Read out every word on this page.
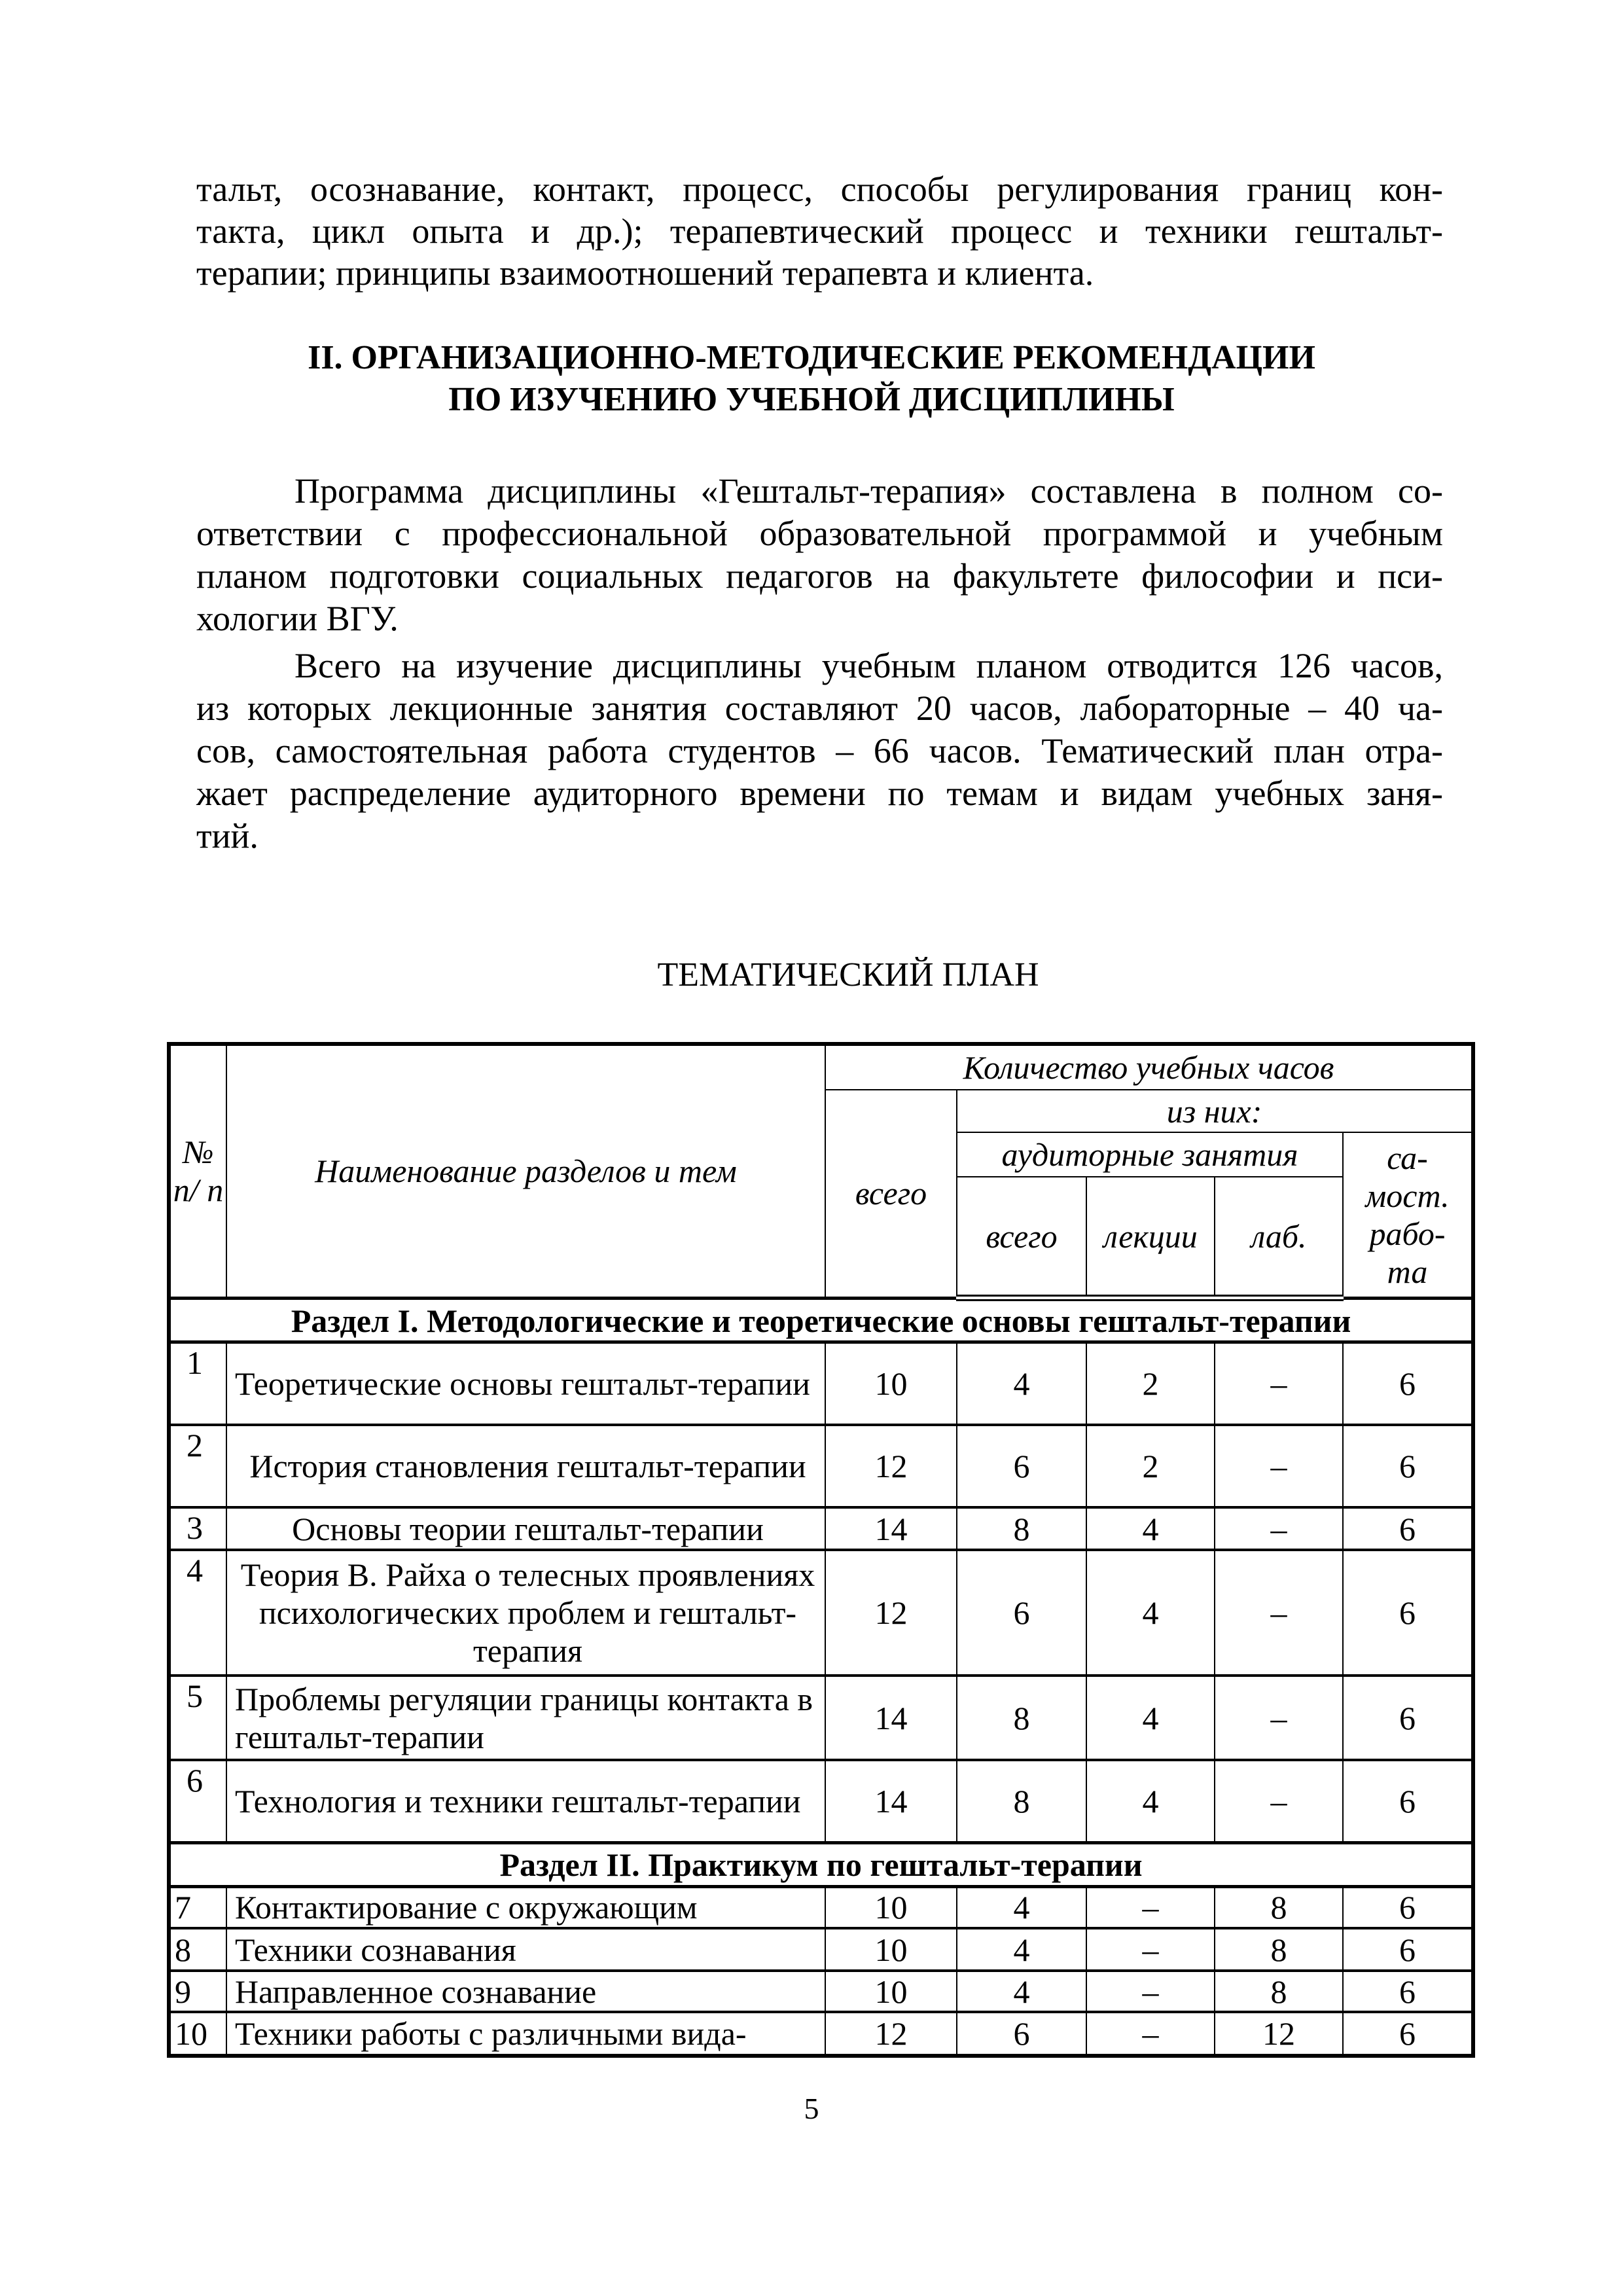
тальт, осознавание, контакт, процесс, способы регулирования границ кон-
такта, цикл опыта и др.); терапевтический процесс и техники гештальт-
терапии; принципы взаимоотношений терапевта и клиента.
II. ОРГАНИЗАЦИОННО-МЕТОДИЧЕСКИЕ РЕКОМЕНДАЦИИ
ПО ИЗУЧЕНИЮ УЧЕБНОЙ ДИСЦИПЛИНЫ
Программа дисциплины «Гештальт-терапия» составлена в полном со-
ответствии с профессиональной образовательной программой и учебным
планом подготовки социальных педагогов на факультете философии и пси-
хологии ВГУ.
Всего на изучение дисциплины учебным планом отводится 126 часов,
из которых лекционные занятия составляют 20 часов, лабораторные – 40 ча-
сов, самостоятельная работа студентов – 66 часов. Тематический план отра-
жает распределение аудиторного времени по темам и видам учебных заня-
тий.
ТЕМАТИЧЕСКИЙ ПЛАН
№ п/ п	Наименование разделов и тем	Количество учебных часов				
		всего	из них:			
			аудиторные занятия			са- мост. рабо- та
			всего	лекции	лаб.	
Раздел I. Методологические и теоретические основы гештальт-терапии						
1	Теоретические основы гештальт-терапии	10	4	2	–	6
2	История становления гештальт-терапии	12	6	2	–	6
3	Основы теории гештальт-терапии	14	8	4	–	6
4	Теория В. Райха о телесных проявлениях психологических проблем и гештальт-терапия	12	6	4	–	6
5	Проблемы регуляции границы контакта в гештальт-терапии	14	8	4	–	6
6	Технология и техники гештальт-терапии	14	8	4	–	6
Раздел II. Практикум по гештальт-терапии						
7	Контактирование с окружающим	10	4	–	8	6
8	Техники сознавания	10	4	–	8	6
9	Направленное сознавание	10	4	–	8	6
10	Техники работы с различными вида-	12	6	–	12	6
5
